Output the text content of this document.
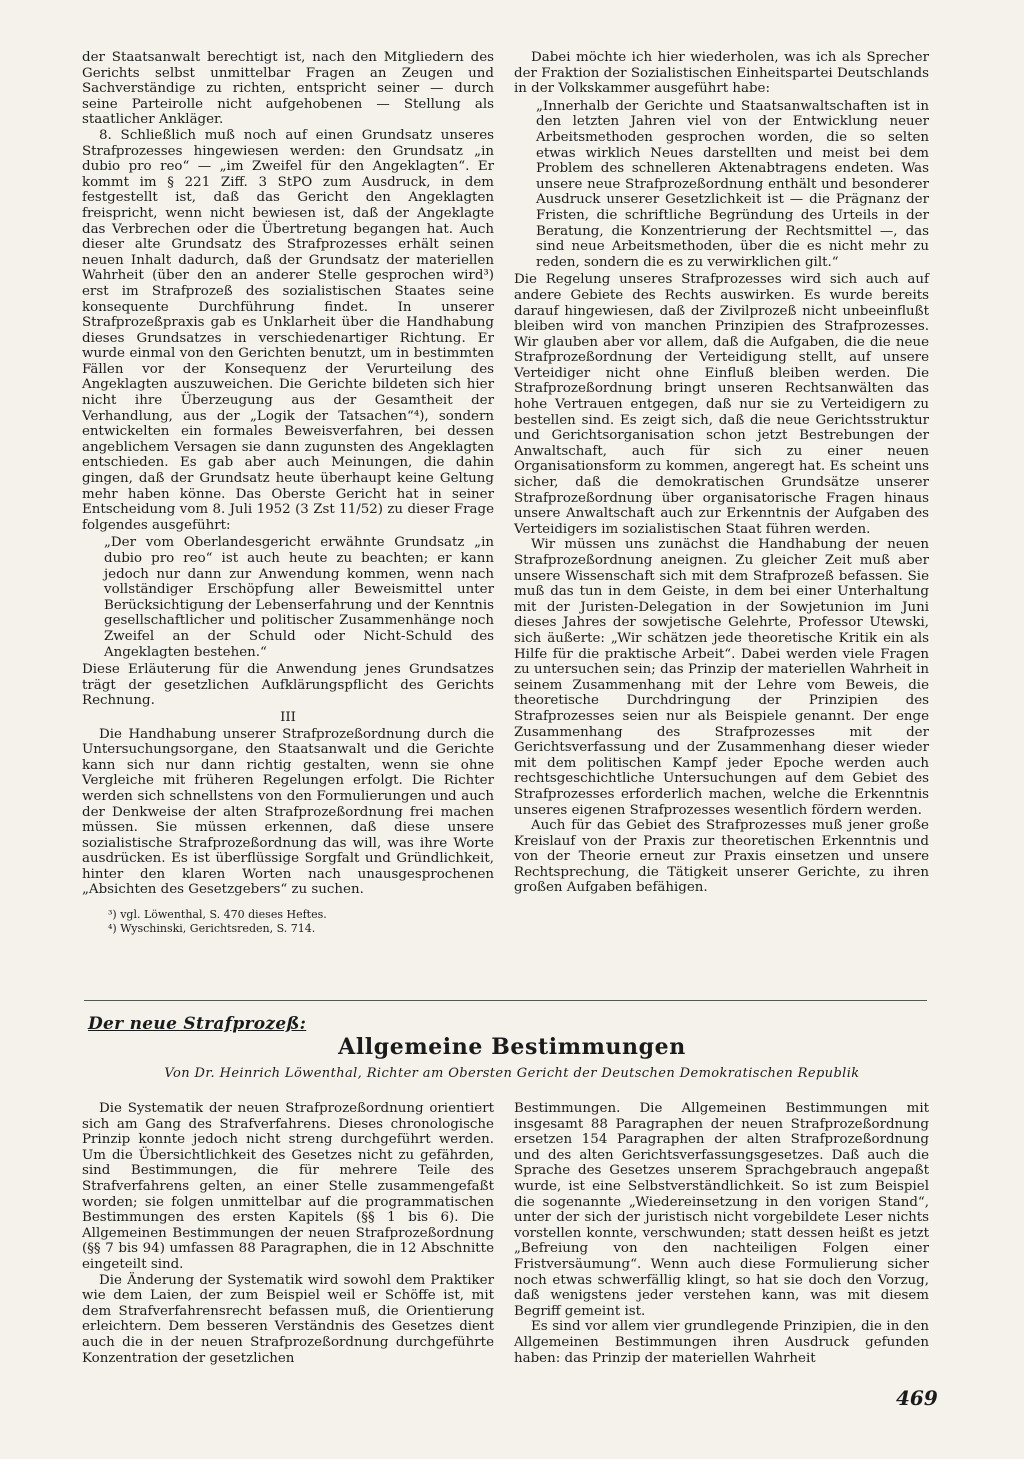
der Staatsanwalt berechtigt ist, nach den Mitgliedern des Gerichts selbst unmittelbar Fragen an Zeugen und Sachverständige zu richten, entspricht seiner — durch seine Parteirolle nicht aufgehobenen — Stellung als staatlicher Ankläger.

8. Schließlich muß noch auf einen Grundsatz unseres Strafprozesses hingewiesen werden: den Grundsatz „in dubio pro reo“ — „im Zweifel für den Angeklagten“. Er kommt im § 221 Ziff. 3 StPO zum Ausdruck, in dem festgestellt ist, daß das Gericht den Angeklagten freispricht, wenn nicht bewiesen ist, daß der Angeklagte das Verbrechen oder die Übertretung begangen hat. Auch dieser alte Grundsatz des Strafprozesses erhält seinen neuen Inhalt dadurch, daß der Grundsatz der materiellen Wahrheit (über den an anderer Stelle gesprochen wird³) erst im Strafprozeß des sozialistischen Staates seine konsequente Durchführung findet. In unserer Strafprozeßpraxis gab es Unklarheit über die Handhabung dieses Grundsatzes in verschiedenartiger Richtung. Er wurde einmal von den Gerichten benutzt, um in bestimmten Fällen vor der Konsequenz der Verurteilung des Angeklagten auszuweichen. Die Gerichte bildeten sich hier nicht ihre Überzeugung aus der Gesamtheit der Verhandlung, aus der „Logik der Tatsachen“⁴), sondern entwickelten ein formales Beweisverfahren, bei dessen angeblichem Versagen sie dann zugunsten des Angeklagten entschieden. Es gab aber auch Meinungen, die dahin gingen, daß der Grundsatz heute überhaupt keine Geltung mehr haben könne. Das Oberste Gericht hat in seiner Entscheidung vom 8. Juli 1952 (3 Zst 11/52) zu dieser Frage folgendes ausgeführt:

„Der vom Oberlandesgericht erwähnte Grundsatz „in dubio pro reo“ ist auch heute zu beachten; er kann jedoch nur dann zur Anwendung kommen, wenn nach vollständiger Erschöpfung aller Beweismittel unter Berücksichtigung der Lebenserfahrung und der Kenntnis gesellschaftlicher und politischer Zusammenhänge noch Zweifel an der Schuld oder Nicht-Schuld des Angeklagten bestehen.“

Diese Erläuterung für die Anwendung jenes Grundsatzes trägt der gesetzlichen Aufklärungspflicht des Gerichts Rechnung.

III

Die Handhabung unserer Strafprozeßordnung durch die Untersuchungsorgane, den Staatsanwalt und die Gerichte kann sich nur dann richtig gestalten, wenn sie ohne Vergleiche mit früheren Regelungen erfolgt. Die Richter werden sich schnellstens von den Formulierungen und auch der Denkweise der alten Strafprozeßordnung frei machen müssen. Sie müssen erkennen, daß diese unsere sozialistische Strafprozeßordnung das will, was ihre Worte ausdrücken. Es ist überflüssige Sorgfalt und Gründlichkeit, hinter den klaren Worten nach unausgesprochenen „Absichten des Gesetzgebers“ zu suchen.

³) vgl. Löwenthal, S. 470 dieses Heftes.
⁴) Wyschinski, Gerichtsreden, S. 714.

Dabei möchte ich hier wiederholen, was ich als Sprecher der Fraktion der Sozialistischen Einheitspartei Deutschlands in der Volkskammer ausgeführt habe:

„Innerhalb der Gerichte und Staatsanwaltschaften ist in den letzten Jahren viel von der Entwicklung neuer Arbeitsmethoden gesprochen worden, die so selten etwas wirklich Neues darstellten und meist bei dem Problem des schnelleren Aktenabtragens endeten. Was unsere neue Strafprozeßordnung enthält und besonderer Ausdruck unserer Gesetzlichkeit ist — die Prägnanz der Fristen, die schriftliche Begründung des Urteils in der Beratung, die Konzentrierung der Rechtsmittel —, das sind neue Arbeitsmethoden, über die es nicht mehr zu reden, sondern die es zu verwirklichen gilt.“

Die Regelung unseres Strafprozesses wird sich auch auf andere Gebiete des Rechts auswirken. Es wurde bereits darauf hingewiesen, daß der Zivilprozeß nicht unbeeinflußt bleiben wird von manchen Prinzipien des Strafprozesses. Wir glauben aber vor allem, daß die Aufgaben, die die neue Strafprozeßordnung der Verteidigung stellt, auf unsere Verteidiger nicht ohne Einfluß bleiben werden. Die Strafprozeßordnung bringt unseren Rechtsanwälten das hohe Vertrauen entgegen, daß nur sie zu Verteidigern zu bestellen sind. Es zeigt sich, daß die neue Gerichtsstruktur und Gerichtsorganisation schon jetzt Bestrebungen der Anwaltschaft, auch für sich zu einer neuen Organisationsform zu kommen, angeregt hat. Es scheint uns sicher, daß die demokratischen Grundsätze unserer Strafprozeßordnung über organisatorische Fragen hinaus unsere Anwaltschaft auch zur Erkenntnis der Aufgaben des Verteidigers im sozialistischen Staat führen werden.

Wir müssen uns zunächst die Handhabung der neuen Strafprozeßordnung aneignen. Zu gleicher Zeit muß aber unsere Wissenschaft sich mit dem Strafprozeß befassen. Sie muß das tun in dem Geiste, in dem bei einer Unterhaltung mit der Juristen-Delegation in der Sowjetunion im Juni dieses Jahres der sowjetische Gelehrte, Professor Utewski, sich äußerte: „Wir schätzen jede theoretische Kritik ein als Hilfe für die praktische Arbeit“. Dabei werden viele Fragen zu untersuchen sein; das Prinzip der materiellen Wahrheit in seinem Zusammenhang mit der Lehre vom Beweis, die theoretische Durchdringung der Prinzipien des Strafprozesses seien nur als Beispiele genannt. Der enge Zusammenhang des Strafprozesses mit der Gerichtsverfassung und der Zusammenhang dieser wieder mit dem politischen Kampf jeder Epoche werden auch rechtsgeschichtliche Untersuchungen auf dem Gebiet des Strafprozesses erforderlich machen, welche die Erkenntnis unseres eigenen Strafprozesses wesentlich fördern werden.

Auch für das Gebiet des Strafprozesses muß jener große Kreislauf von der Praxis zur theoretischen Erkenntnis und von der Theorie erneut zur Praxis einsetzen und unsere Rechtsprechung, die Tätigkeit unserer Gerichte, zu ihren großen Aufgaben befähigen.

Der neue Strafprozeß:
Allgemeine Bestimmungen
Von Dr. Heinrich Löwenthal, Richter am Obersten Gericht der Deutschen Demokratischen Republik

Die Systematik der neuen Strafprozeßordnung orientiert sich am Gang des Strafverfahrens. Dieses chronologische Prinzip konnte jedoch nicht streng durchgeführt werden. Um die Übersichtlichkeit des Gesetzes nicht zu gefährden, sind Bestimmungen, die für mehrere Teile des Strafverfahrens gelten, an einer Stelle zusammengefaßt worden; sie folgen unmittelbar auf die programmatischen Bestimmungen des ersten Kapitels (§§ 1 bis 6). Die Allgemeinen Bestimmungen der neuen Strafprozeßordnung (§§ 7 bis 94) umfassen 88 Paragraphen, die in 12 Abschnitte eingeteilt sind.

Die Änderung der Systematik wird sowohl dem Praktiker wie dem Laien, der zum Beispiel weil er Schöffe ist, mit dem Strafverfahrensrecht befassen muß, die Orientierung erleichtern. Dem besseren Verständnis des Gesetzes dient auch die in der neuen Strafprozeßordnung durchgeführte Konzentration der gesetzlichen

Bestimmungen. Die Allgemeinen Bestimmungen mit insgesamt 88 Paragraphen der neuen Strafprozeßordnung ersetzen 154 Paragraphen der alten Strafprozeßordnung und des alten Gerichtsverfassungsgesetzes. Daß auch die Sprache des Gesetzes unserem Sprachgebrauch angepaßt wurde, ist eine Selbstverständlichkeit. So ist zum Beispiel die sogenannte „Wiedereinsetzung in den vorigen Stand“, unter der sich der juristisch nicht vorgebildete Leser nichts vorstellen konnte, verschwunden; statt dessen heißt es jetzt „Befreiung von den nachteiligen Folgen einer Fristversäumung“. Wenn auch diese Formulierung sicher noch etwas schwerfällig klingt, so hat sie doch den Vorzug, daß wenigstens jeder verstehen kann, was mit diesem Begriff gemeint ist.

Es sind vor allem vier grundlegende Prinzipien, die in den Allgemeinen Bestimmungen ihren Ausdruck gefunden haben: das Prinzip der materiellen Wahrheit

469
